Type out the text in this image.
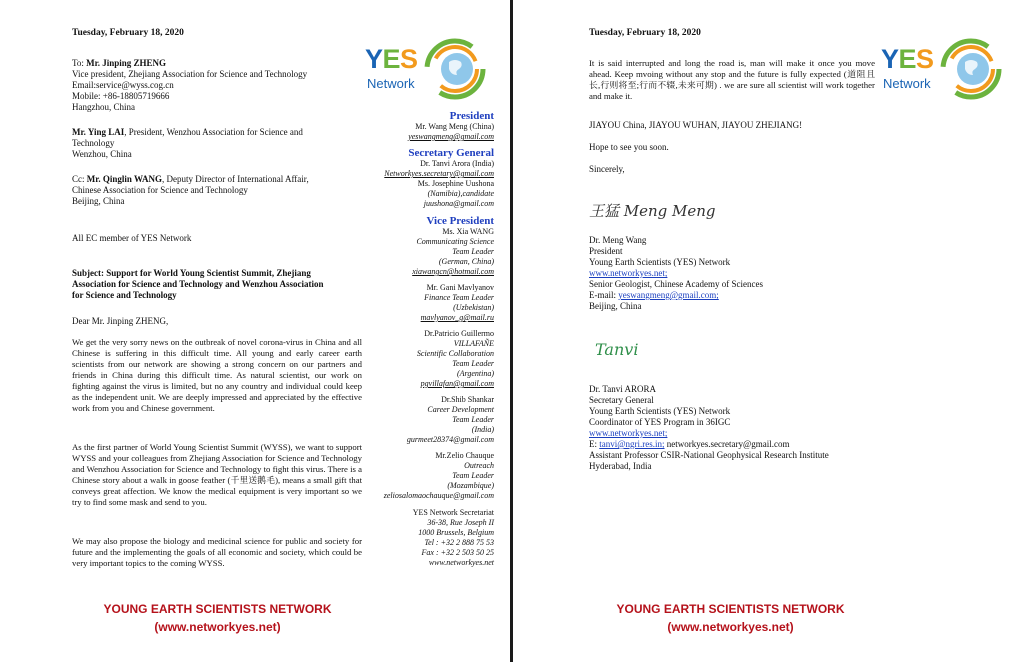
Tuesday, February 18, 2020
To: Mr. Jinping ZHENG
Vice president, Zhejiang Association for Science and Technology
Email:service@wyss.cog.cn
Mobile: +86-18805719666
Hangzhou, China
Mr. Ying LAI, President, Wenzhou Association for Science and
Technology
Wenzhou, China
Cc: Mr. Qinglin WANG, Deputy Director of International Affair,
Chinese Association for Science and Technology
Beijing, China
All EC member of YES Network
Subject: Support for World Young Scientist Summit, Zhejiang
Association for Science and Technology and Wenzhou Association
for Science and Technology
Dear Mr. Jinping ZHENG,
We get the very sorry news on the outbreak of novel corona-virus in China and all Chinese is suffering in this difficult time. All young and early career earth scientists from our network are showing a strong concern on our partners and friends in China during this difficult time. As natural scientist, our work on fighting against the virus is limited, but no any country and individual could keep as the independent unit. We are deeply impressed and appreciated by the effective work from you and Chinese government.
As the first partner of World Young Scientist Summit (WYSS), we want to support WYSS and your colleagues from Zhejiang Association for Science and Technology and Wenzhou Association for Science and Technology to fight this virus. There is a Chinese story about a walk in goose feather (千里送鹅毛), means a small gift that conveys great affection. We know the medical equipment is very important so we try to find some mask and send to you.
We may also propose the biology and medicinal science for public and society for future and the implementing the goals of all economic and society, which could be very important topics to the coming WYSS.
YES
Network
President
Mr. Wang Meng (China)
yeswangmeng@gmail.com
Secretary General
Dr. Tanvi Arora (India)
Networkyes.secretary@gmail.com
Ms. Josephine Uushona
(Namibia),candidate
juushona@gmail.com
Vice President
Ms. Xia WANG
Communicating Science
Team Leader
(German, China)
xiawangcn@hotmail.com
Mr. Gani Mavlyanov
Finance Team Leader
(Uzbekistan)
mavlyanov_g@mail.ru
Dr.Patricio Guillermo
VILLAFAÑE
Scientific Collaboration
Team Leader
(Argentina)
pgvillafan@gmail.com
Dr.Shib Shankar
Career Development
Team Leader
(India)
gurmeet28374@gmail.com
Mr.Zelio Chauque
Outreach
Team Leader
(Mozambique)
zeliosalomaochauque@gmail.com
YES Network Secretariat
36-38, Rue Joseph II
1000 Brussels, Belgium
Tel : +32 2 888 75 53
Fax : +32 2 503 50 25
www.networkyes.net
YOUNG EARTH SCIENTISTS NETWORK
(www.networkyes.net)
Tuesday, February 18, 2020
It is said interrupted and long the road is, man will make it once you move ahead. Keep mvoing without any stop and the future is fully expected (道阻且长,行则将至;行而不辍,未来可期) . we are sure all scientist will work together and make it.
JIAYOU China, JIAYOU WUHAN, JIAYOU ZHEJIANG!
Hope to see you soon.
Sincerely,
王猛 Meng Meng
Dr. Meng Wang
President
Young Earth Scientists (YES) Network
www.networkyes.net;
Senior Geologist, Chinese Academy of Sciences
E-mail: yeswangmeng@gmail.com;
Beijing, China
Tanvi
Dr. Tanvi ARORA
Secretary General
Young Earth Scientists (YES) Network
Coordinator of YES Program in 36IGC
www.networkyes.net;
E: tanvi@ngri.res.in; networkyes.secretary@gmail.com
Assistant Professor CSIR-National Geophysical Research Institute
Hyderabad, India
YES
Network
YOUNG EARTH SCIENTISTS NETWORK
(www.networkyes.net)
